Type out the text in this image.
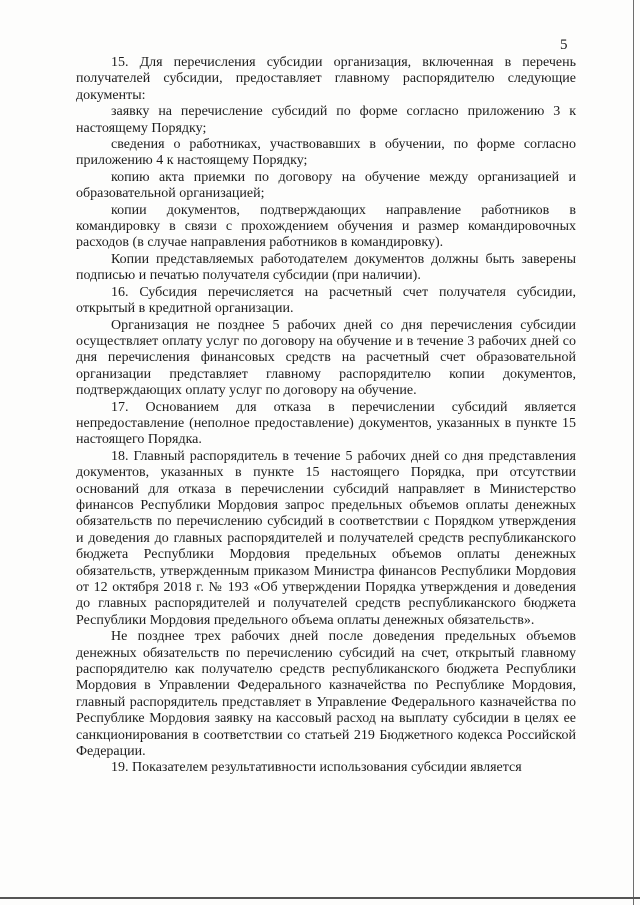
5

15. Для перечисления субсидии организация, включенная в перечень получателей субсидии, предоставляет главному распорядителю следующие документы:

заявку на перечисление субсидий по форме согласно приложению 3 к настоящему Порядку;

сведения о работниках, участвовавших в обучении, по форме согласно приложению 4 к настоящему Порядку;

копию акта приемки по договору на обучение между организацией и образовательной организацией;

копии документов, подтверждающих направление работников в командировку в связи с прохождением обучения и размер командировочных расходов (в случае направления работников в командировку).

Копии представляемых работодателем документов должны быть заверены подписью и печатью получателя субсидии (при наличии).

16. Субсидия перечисляется на расчетный счет получателя субсидии, открытый в кредитной организации.

Организация не позднее 5 рабочих дней со дня перечисления субсидии осуществляет оплату услуг по договору на обучение и в течение 3 рабочих дней со дня перечисления финансовых средств на расчетный счет образовательной организации представляет главному распорядителю копии документов, подтверждающих оплату услуг по договору на обучение.

17. Основанием для отказа в перечислении субсидий является непредоставление (неполное предоставление) документов, указанных в пункте 15 настоящего Порядка.

18. Главный распорядитель в течение 5 рабочих дней со дня представления документов, указанных в пункте 15 настоящего Порядка, при отсутствии оснований для отказа в перечислении субсидий направляет в Министерство финансов Республики Мордовия запрос предельных объемов оплаты денежных обязательств по перечислению субсидий в соответствии с Порядком утверждения и доведения до главных распорядителей и получателей средств республиканского бюджета Республики Мордовия предельных объемов оплаты денежных обязательств, утвержденным приказом Министра финансов Республики Мордовия от 12 октября 2018 г. № 193 «Об утверждении Порядка утверждения и доведения до главных распорядителей и получателей средств республиканского бюджета Республики Мордовия предельного объема оплаты денежных обязательств».

Не позднее трех рабочих дней после доведения предельных объемов денежных обязательств по перечислению субсидий на счет, открытый главному распорядителю как получателю средств республиканского бюджета Республики Мордовия в Управлении Федерального казначейства по Республике Мордовия, главный распорядитель представляет в Управление Федерального казначейства по Республике Мордовия заявку на кассовый расход на выплату субсидии в целях ее санкционирования в соответствии со статьей 219 Бюджетного кодекса Российской Федерации.

19. Показателем результативности использования субсидии является
